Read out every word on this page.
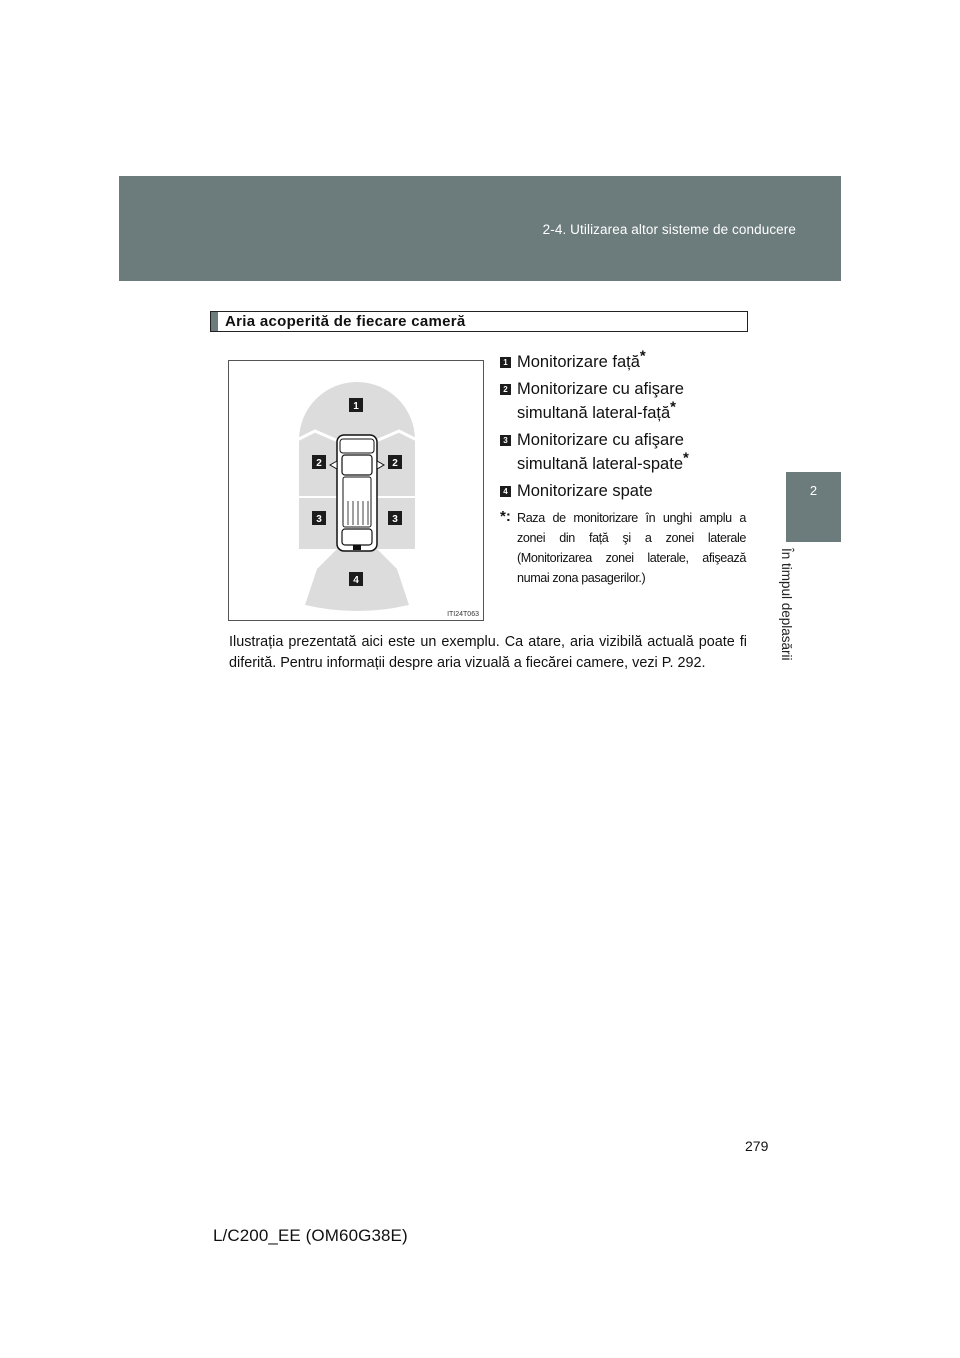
2-4. Utilizarea altor sisteme de conducere
2
În timpul deplasării
Aria acoperită de fiecare cameră
1
2	2
3	3
4
ITI24T063
1 Monitorizare față*
2 Monitorizare cu afişare simultană lateral-față*
3 Monitorizare cu afişare simultană lateral-spate*
4 Monitorizare spate
*: Raza de monitorizare în unghi amplu a zonei din față şi a zonei laterale (Monitorizarea zonei laterale, afişează numai zona pasagerilor.)
Ilustrația prezentată aici este un exemplu. Ca atare, aria vizibilă actuală poate fi diferită. Pentru informații despre aria vizuală a fiecărei camere, vezi P. 292.
279
L/C200_EE (OM60G38E)
